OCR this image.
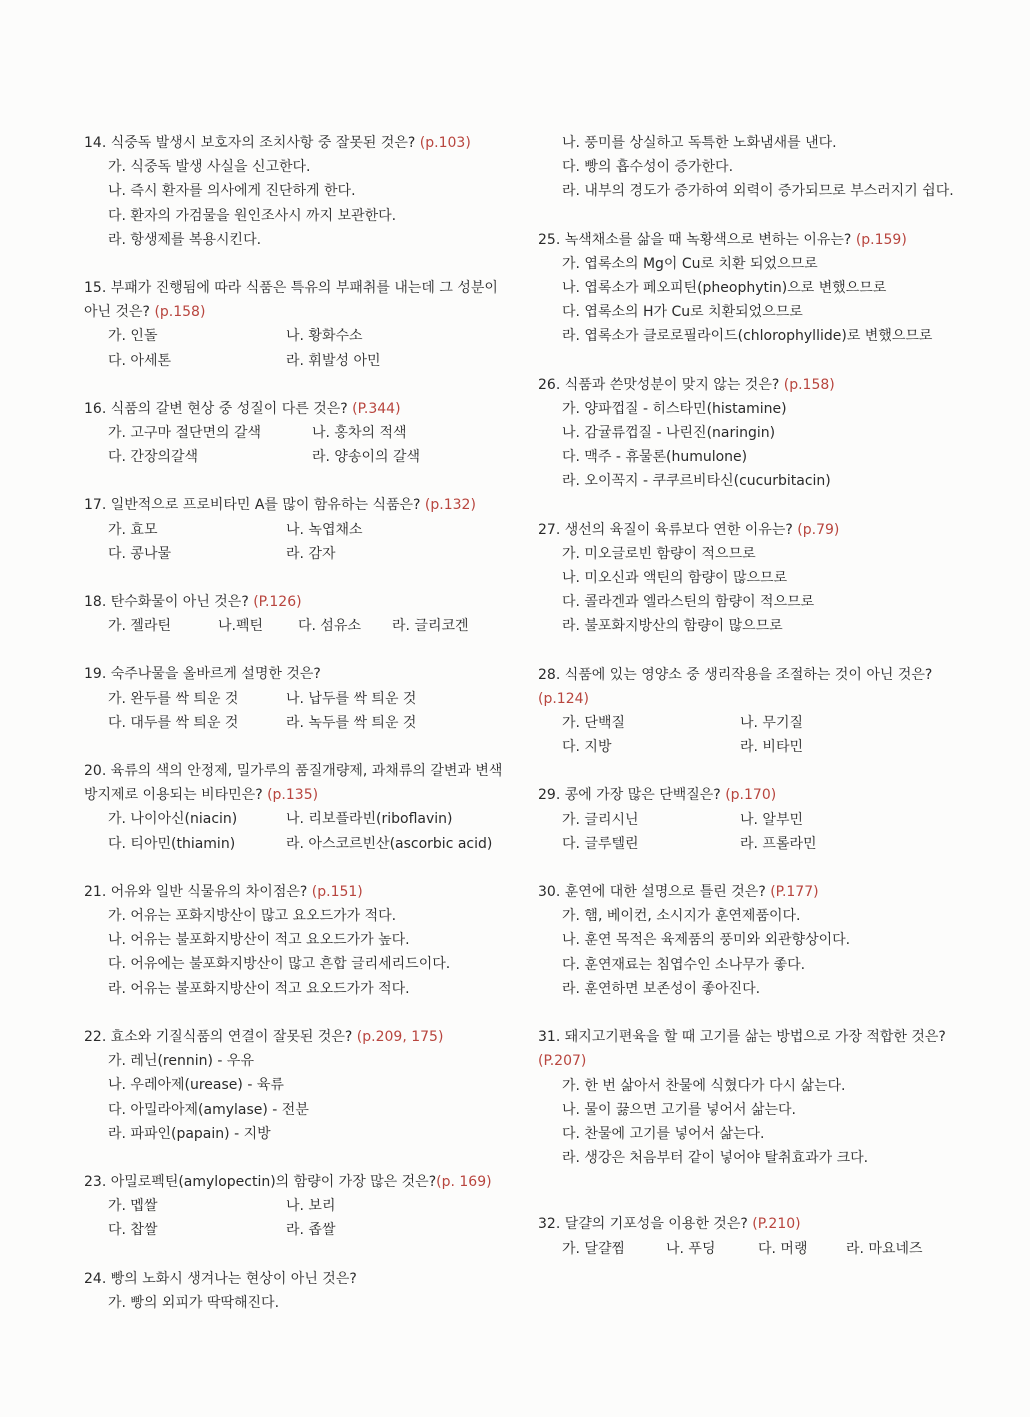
14. 식중독 발생시 보호자의 조치사항 중 잘못된 것은? (p.103)
가. 식중독 발생 사실을 신고한다.
나. 즉시 환자를 의사에게 진단하게 한다.
다. 환자의 가검물을 원인조사시 까지 보관한다.
라. 항생제를 복용시킨다.
15. 부패가 진행됨에 따라 식품은 특유의 부패취를 내는데 그 성분이 아닌 것은? (p.158)
가. 인돌	나. 황화수소
다. 아세톤	라. 휘발성 아민
16. 식품의 갈변 현상 중 성질이 다른 것은? (P.344)
가. 고구마 절단면의 갈색	나. 홍차의 적색
다. 간장의갈색	라. 양송이의 갈색
17. 일반적으로 프로비타민 A를 많이 함유하는 식품은? (p.132)
가. 효모	나. 녹엽채소
다. 콩나물	라. 감자
18. 탄수화물이 아닌 것은? (P.126)
가. 젤라틴	나.펙틴	다. 섬유소	라. 글리코겐
19. 숙주나물을 올바르게 설명한 것은?
가. 완두를 싹 틔운 것	나. 납두를 싹 틔운 것
다. 대두를 싹 틔운 것	라. 녹두를 싹 틔운 것
20. 육류의 색의 안정제, 밀가루의 품질개량제, 과채류의 갈변과 변색 방지제로 이용되는 비타민은? (p.135)
가. 나이아신(niacin)	나. 리보플라빈(riboflavin)
다. 티아민(thiamin)	라. 아스코르빈산(ascorbic acid)
21. 어유와 일반 식물유의 차이점은? (p.151)
가. 어유는 포화지방산이 많고 요오드가가 적다.
나. 어유는 불포화지방산이 적고 요오드가가 높다.
다. 어유에는 불포화지방산이 많고 흔합 글리세리드이다.
라. 어유는 불포화지방산이 적고 요오드가가 적다.
22. 효소와 기질식품의 연결이 잘못된 것은? (p.209, 175)
가. 레닌(rennin) - 우유
나. 우레아제(urease) - 육류
다. 아밀라아제(amylase) - 전분
라. 파파인(papain) - 지방
23. 아밀로펙틴(amylopectin)의 함량이 가장 많은 것은?(p. 169)
가. 멥쌀	나. 보리
다. 찹쌀	라. 좁쌀
24. 빵의 노화시 생겨나는 현상이 아닌 것은?
가. 빵의 외피가 딱딱해진다.
나. 풍미를 상실하고 독특한 노화냄새를 낸다.
다. 빵의 흡수성이 증가한다.
라. 내부의 경도가 증가하여 외력이 증가되므로 부스러지기 쉽다.
25. 녹색채소를 삶을 때 녹황색으로 변하는 이유는? (p.159)
가. 엽록소의 Mg이 Cu로 치환 되었으므로
나. 엽록소가 페오피틴(pheophytin)으로 변했으므로
다. 엽록소의 H가 Cu로 치환되었으므로
라. 엽록소가 클로로필라이드(chlorophyllide)로 변했으므로
26. 식품과 쓴맛성분이 맞지 않는 것은? (p.158)
가. 양파껍질 - 히스타민(histamine)
나. 감귤류껍질 - 나린진(naringin)
다. 맥주 - 휴물론(humulone)
라. 오이꼭지 - 쿠쿠르비타신(cucurbitacin)
27. 생선의 육질이 육류보다 연한 이유는? (p.79)
가. 미오글로빈 함량이 적으므로
나. 미오신과 액틴의 함량이 많으므로
다. 콜라겐과 엘라스틴의 함량이 적으므로
라. 불포화지방산의 함량이 많으므로
28. 식품에 있는 영양소 중 생리작용을 조절하는 것이 아닌 것은? (p.124)
가. 단백질	나. 무기질
다. 지방	라. 비타민
29. 콩에 가장 많은 단백질은? (p.170)
가. 글리시닌	나. 알부민
다. 글루텔린	라. 프롤라민
30. 훈연에 대한 설명으로 틀린 것은? (P.177)
가. 햄, 베이컨, 소시지가 훈연제품이다.
나. 훈연 목적은 육제품의 풍미와 외관향상이다.
다. 훈연재료는 침엽수인 소나무가 좋다.
라. 훈연하면 보존성이 좋아진다.
31. 돼지고기편육을 할 때 고기를 삶는 방법으로 가장 적합한 것은? (P.207)
가. 한 번 삶아서 찬물에 식혔다가 다시 삶는다.
나. 물이 끓으면 고기를 넣어서 삶는다.
다. 찬물에 고기를 넣어서 삶는다.
라. 생강은 처음부터 같이 넣어야 탈취효과가 크다.
32. 달걀의 기포성을 이용한 것은? (P.210)
가. 달걀찜	나. 푸딩	다. 머랭	라. 마요네즈
